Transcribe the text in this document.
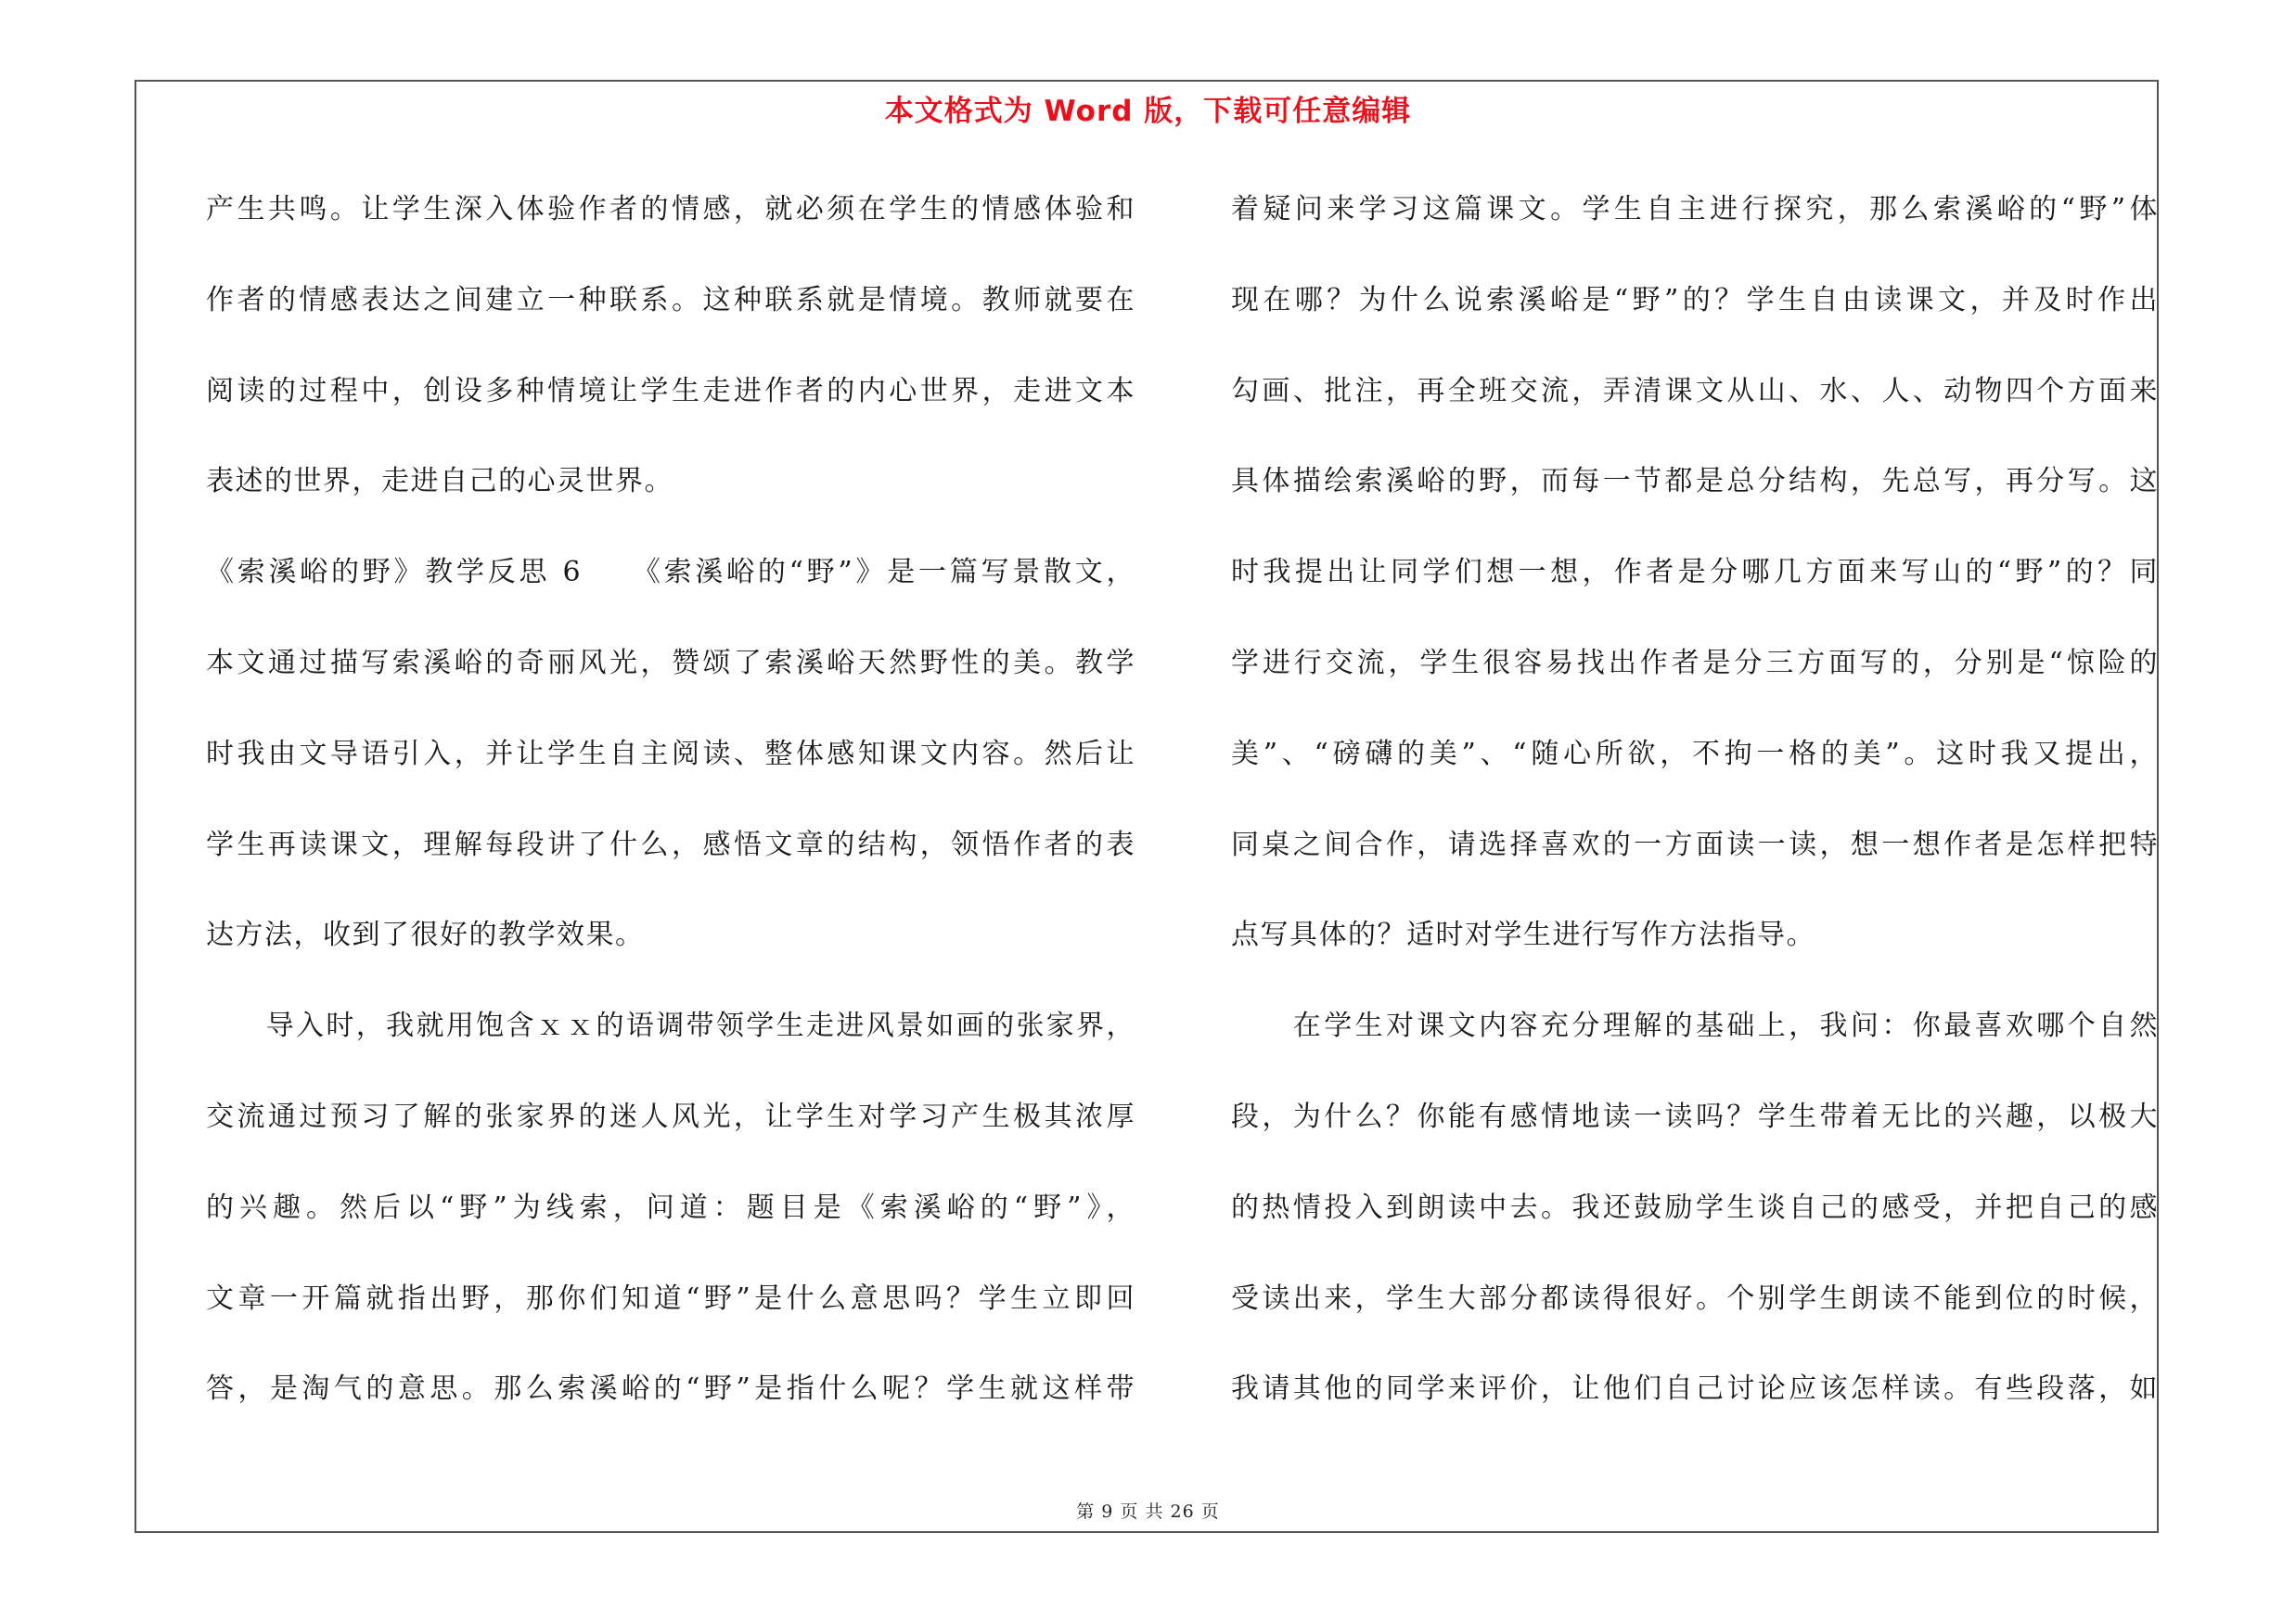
本文格式为 Word 版，下载可任意编辑
产生共鸣。让学生深入体验作者的情感，就必须在学生的情感体验和
作者的情感表达之间建立一种联系。这种联系就是情境。教师就要在
阅读的过程中，创设多种情境让学生走进作者的内心世界，走进文本
表述的世界，走进自己的心灵世界。
《索溪峪的野》教学反思 6　　《索溪峪的“野”》是一篇写景散文，
本文通过描写索溪峪的奇丽风光，赞颂了索溪峪天然野性的美。教学
时我由文导语引入，并让学生自主阅读、整体感知课文内容。然后让
学生再读课文，理解每段讲了什么，感悟文章的结构，领悟作者的表
达方法，收到了很好的教学效果。
　　导入时，我就用饱含ｘｘ的语调带领学生走进风景如画的张家界，
交流通过预习了解的张家界的迷人风光，让学生对学习产生极其浓厚
的兴趣。然后以“野”为线索，问道：题目是《索溪峪的“野”》，
文章一开篇就指出野，那你们知道“野”是什么意思吗？学生立即回
答，是淘气的意思。那么索溪峪的“野”是指什么呢？学生就这样带
着疑问来学习这篇课文。学生自主进行探究，那么索溪峪的“野”体
现在哪？为什么说索溪峪是“野”的？学生自由读课文，并及时作出
勾画、批注，再全班交流，弄清课文从山、水、人、动物四个方面来
具体描绘索溪峪的野，而每一节都是总分结构，先总写，再分写。这
时我提出让同学们想一想，作者是分哪几方面来写山的“野”的？同
学进行交流，学生很容易找出作者是分三方面写的，分别是“惊险的
美”、“磅礴的美”、“随心所欲，不拘一格的美”。这时我又提出，
同桌之间合作，请选择喜欢的一方面读一读，想一想作者是怎样把特
点写具体的？适时对学生进行写作方法指导。
　　在学生对课文内容充分理解的基础上，我问：你最喜欢哪个自然
段，为什么？你能有感情地读一读吗？学生带着无比的兴趣，以极大
的热情投入到朗读中去。我还鼓励学生谈自己的感受，并把自己的感
受读出来，学生大部分都读得很好。个别学生朗读不能到位的时候，
我请其他的同学来评价，让他们自己讨论应该怎样读。有些段落，如
第 9 页 共 26 页
